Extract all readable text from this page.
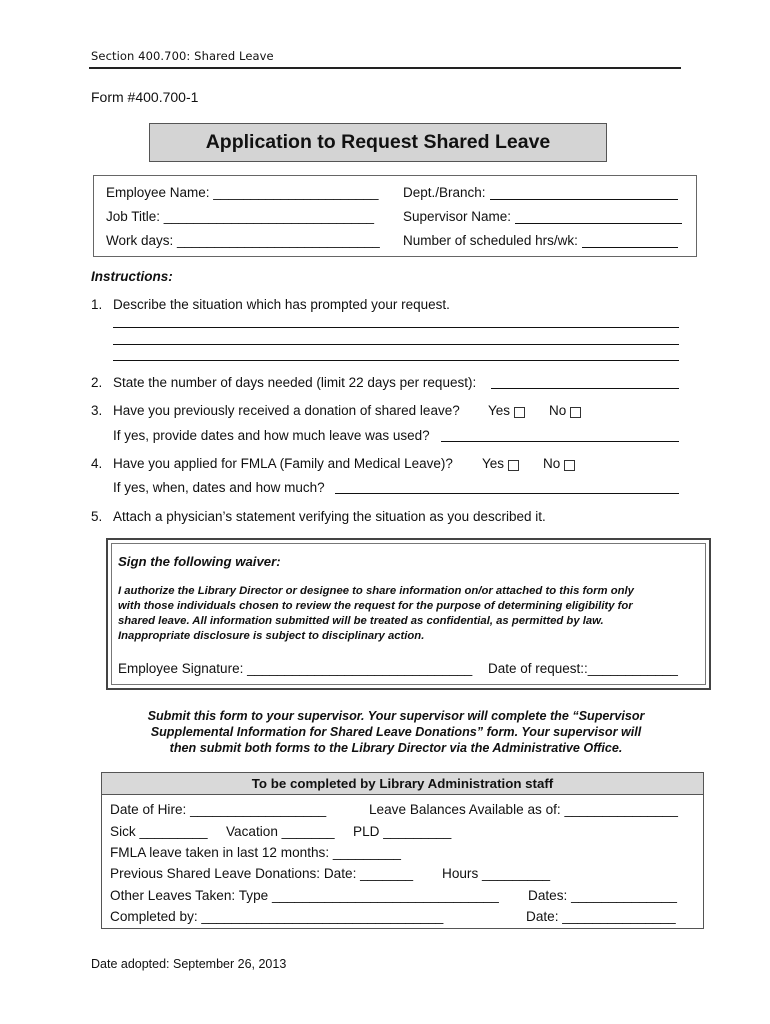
Section 400.700: Shared Leave
Form #400.700-1
Application to Request Shared Leave
Employee Name: ______________________ Dept./Branch:
Job Title: ____________________________ Supervisor Name:
Work days: ___________________________ Number of scheduled hrs/wk:
Instructions:
1. Describe the situation which has prompted your request.
2. State the number of days needed (limit 22 days per request):
3. Have you previously received a donation of shared leave? Yes	No
If yes, provide dates and how much leave was used?
4. Have you applied for FMLA (Family and Medical Leave)? Yes	No
If yes, when, dates and how much?
5. Attach a physician’s statement verifying the situation as you described it.
Sign the following waiver:
I authorize the Library Director or designee to share information on/or attached to this form only
with those individuals chosen to review the request for the purpose of determining eligibility for
shared leave. All information submitted will be treated as confidential, as permitted by law.
Inappropriate disclosure is subject to disciplinary action.
Employee Signature: ______________________________ Date of request::____________
Submit this form to your supervisor. Your supervisor will complete the “Supervisor
Supplemental Information for Shared Leave Donations” form. Your supervisor will
then submit both forms to the Library Director via the Administrative Office.
To be completed by Library Administration staff
Date of Hire: __________________	Leave Balances Available as of: _______________
Sick _________ Vacation _______ PLD _________
FMLA leave taken in last 12 months: _________
Previous Shared Leave Donations: Date: _______ Hours _________
Other Leaves Taken: Type ______________________________ Dates: ______________
Completed by: ________________________________	Date: _______________
Date adopted: September 26, 2013
